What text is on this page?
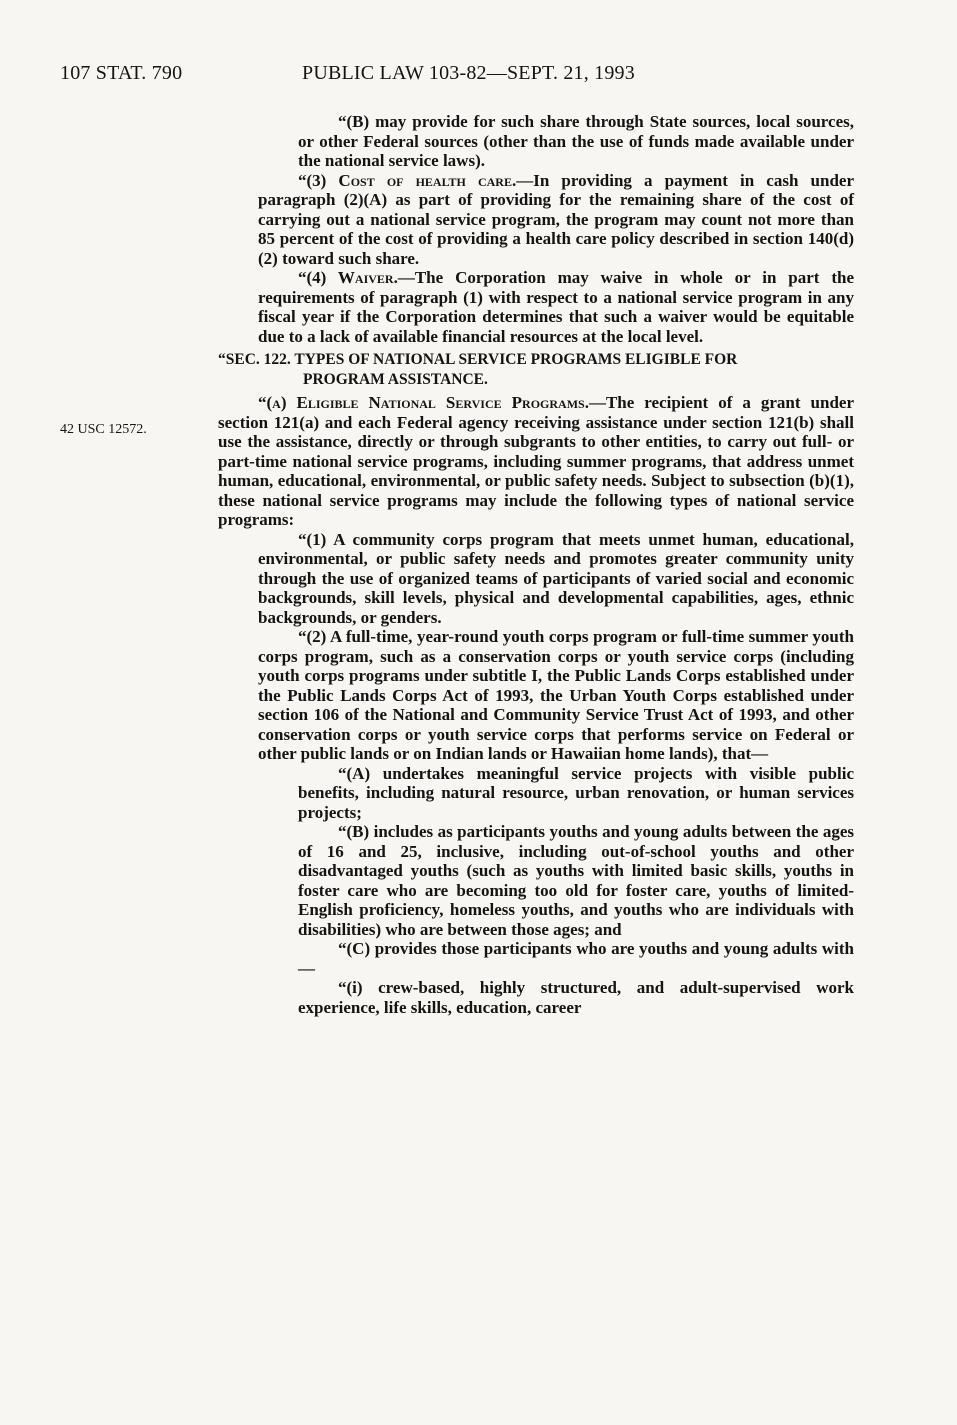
107 STAT. 790	PUBLIC LAW 103-82—SEPT. 21, 1993
42 USC 12572.

“(B) may provide for such share through State sources, local sources, or other Federal sources (other than the use of funds made available under the national service laws).

“(3) Cost of health care.—In providing a payment in cash under paragraph (2)(A) as part of providing for the remaining share of the cost of carrying out a national service program, the program may count not more than 85 percent of the cost of providing a health care policy described in section 140(d)(2) toward such share.

“(4) Waiver.—The Corporation may waive in whole or in part the requirements of paragraph (1) with respect to a national service program in any fiscal year if the Corporation determines that such a waiver would be equitable due to a lack of available financial resources at the local level.

“SEC. 122. TYPES OF NATIONAL SERVICE PROGRAMS ELIGIBLE FOR
PROGRAM ASSISTANCE.

“(a) Eligible National Service Programs.—The recipient of a grant under section 121(a) and each Federal agency receiving assistance under section 121(b) shall use the assistance, directly or through subgrants to other entities, to carry out full- or part-time national service programs, including summer programs, that address unmet human, educational, environmental, or public safety needs. Subject to subsection (b)(1), these national service programs may include the following types of national service programs:

“(1) A community corps program that meets unmet human, educational, environmental, or public safety needs and promotes greater community unity through the use of organized teams of participants of varied social and economic backgrounds, skill levels, physical and developmental capabilities, ages, ethnic backgrounds, or genders.

“(2) A full-time, year-round youth corps program or full-time summer youth corps program, such as a conservation corps or youth service corps (including youth corps programs under subtitle I, the Public Lands Corps established under the Public Lands Corps Act of 1993, the Urban Youth Corps established under section 106 of the National and Community Service Trust Act of 1993, and other conservation corps or youth service corps that performs service on Federal or other public lands or on Indian lands or Hawaiian home lands), that—

“(A) undertakes meaningful service projects with visible public benefits, including natural resource, urban renovation, or human services projects;

“(B) includes as participants youths and young adults between the ages of 16 and 25, inclusive, including out-of-school youths and other disadvantaged youths (such as youths with limited basic skills, youths in foster care who are becoming too old for foster care, youths of limited-English proficiency, homeless youths, and youths who are individuals with disabilities) who are between those ages; and

“(C) provides those participants who are youths and young adults with—

“(i) crew-based, highly structured, and adult-supervised work experience, life skills, education, career
